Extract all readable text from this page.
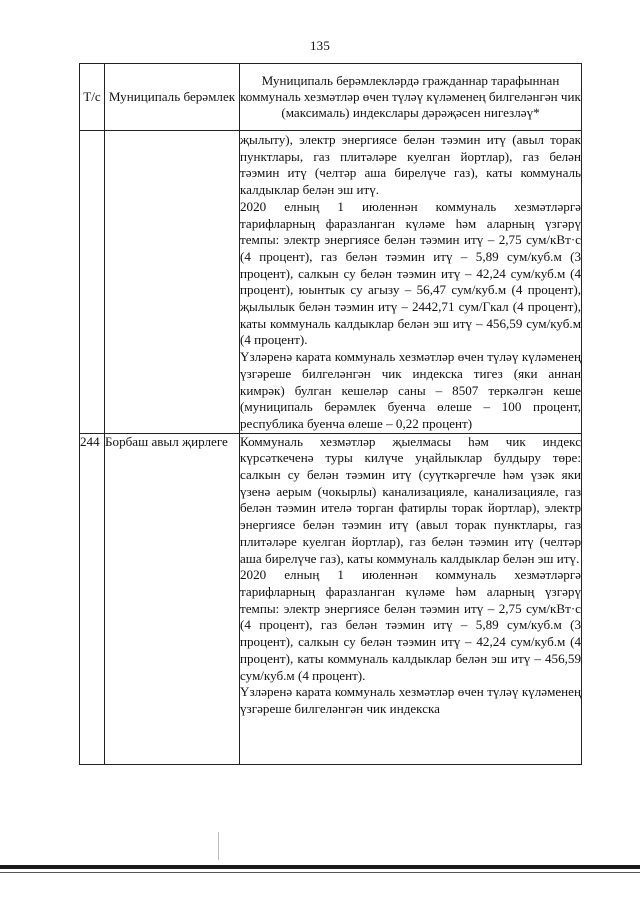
135
Т/с	Муниципаль берәмлек	Муниципаль берәмлекләрдә гражданнар тарафыннан коммуналь хезмәтләр өчен түләү күләменең билгеләнгән чик (максималь) индекслары дәрәҗәсен нигезләү*

		җылыту), электр энергиясе белән тәэмин итү (авыл торак пунктлары, газ плитәләре куелган йортлар), газ белән тәэмин итү (челтәр аша бирелүче газ), каты коммуналь калдыклар белән эш итү.

2020 елның 1 июленнән коммуналь хезмәтләргә тарифларның фаразланган күләме һәм аларның үзгәрү темпы: электр энергиясе белән тәэмин итү – 2,75 сум/кВт·с (4 процент), газ белән тәэмин итү – 5,89 сум/куб.м (3 процент), салкын су белән тәэмин итү – 42,24 сум/куб.м (4 процент), юынтык су агызу – 56,47 сум/куб.м (4 процент), җылылык белән тәэмин итү – 2442,71 сум/Гкал (4 процент), каты коммуналь калдыклар белән эш итү – 456,59 сум/куб.м (4 процент).

Үзләренә карата коммуналь хезмәтләр өчен түләү күләменең үзгәреше билгеләнгән чик индекска тигез (яки аннан кимрәк) булган кешеләр саны – 8507 теркәлгән кеше (муниципаль берәмлек буенча өлеше – 100 процент, республика буенча өлеше – 0,22 процент)

244	Борбаш авыл җирлеге	Коммуналь хезмәтләр җыелмасы һәм чик индекс күрсәткеченә туры килүче уңайлыклар булдыру төре: салкын су белән тәэмин итү (суүткәргечле һәм үзәк яки үзенә аерым (чокырлы) канализацияле, канализацияле, газ белән тәэмин ителә торган фатирлы торак йортлар), электр энергиясе белән тәэмин итү (авыл торак пунктлары, газ плитәләре куелган йортлар), газ белән тәэмин итү (челтәр аша бирелүче газ), каты коммуналь калдыклар белән эш итү.

2020 елның 1 июленнән коммуналь хезмәтләргә тарифларның фаразланган күләме һәм аларның үзгәрү темпы: электр энергиясе белән тәэмин итү – 2,75 сум/кВт·с (4 процент), газ белән тәэмин итү – 5,89 сум/куб.м (3 процент), салкын су белән тәэмин итү – 42,24 сум/куб.м (4 процент), каты коммуналь калдыклар белән эш итү – 456,59 сум/куб.м (4 процент).

Үзләренә карата коммуналь хезмәтләр өчен түләү күләменең үзгәреше билгеләнгән чик индекска
